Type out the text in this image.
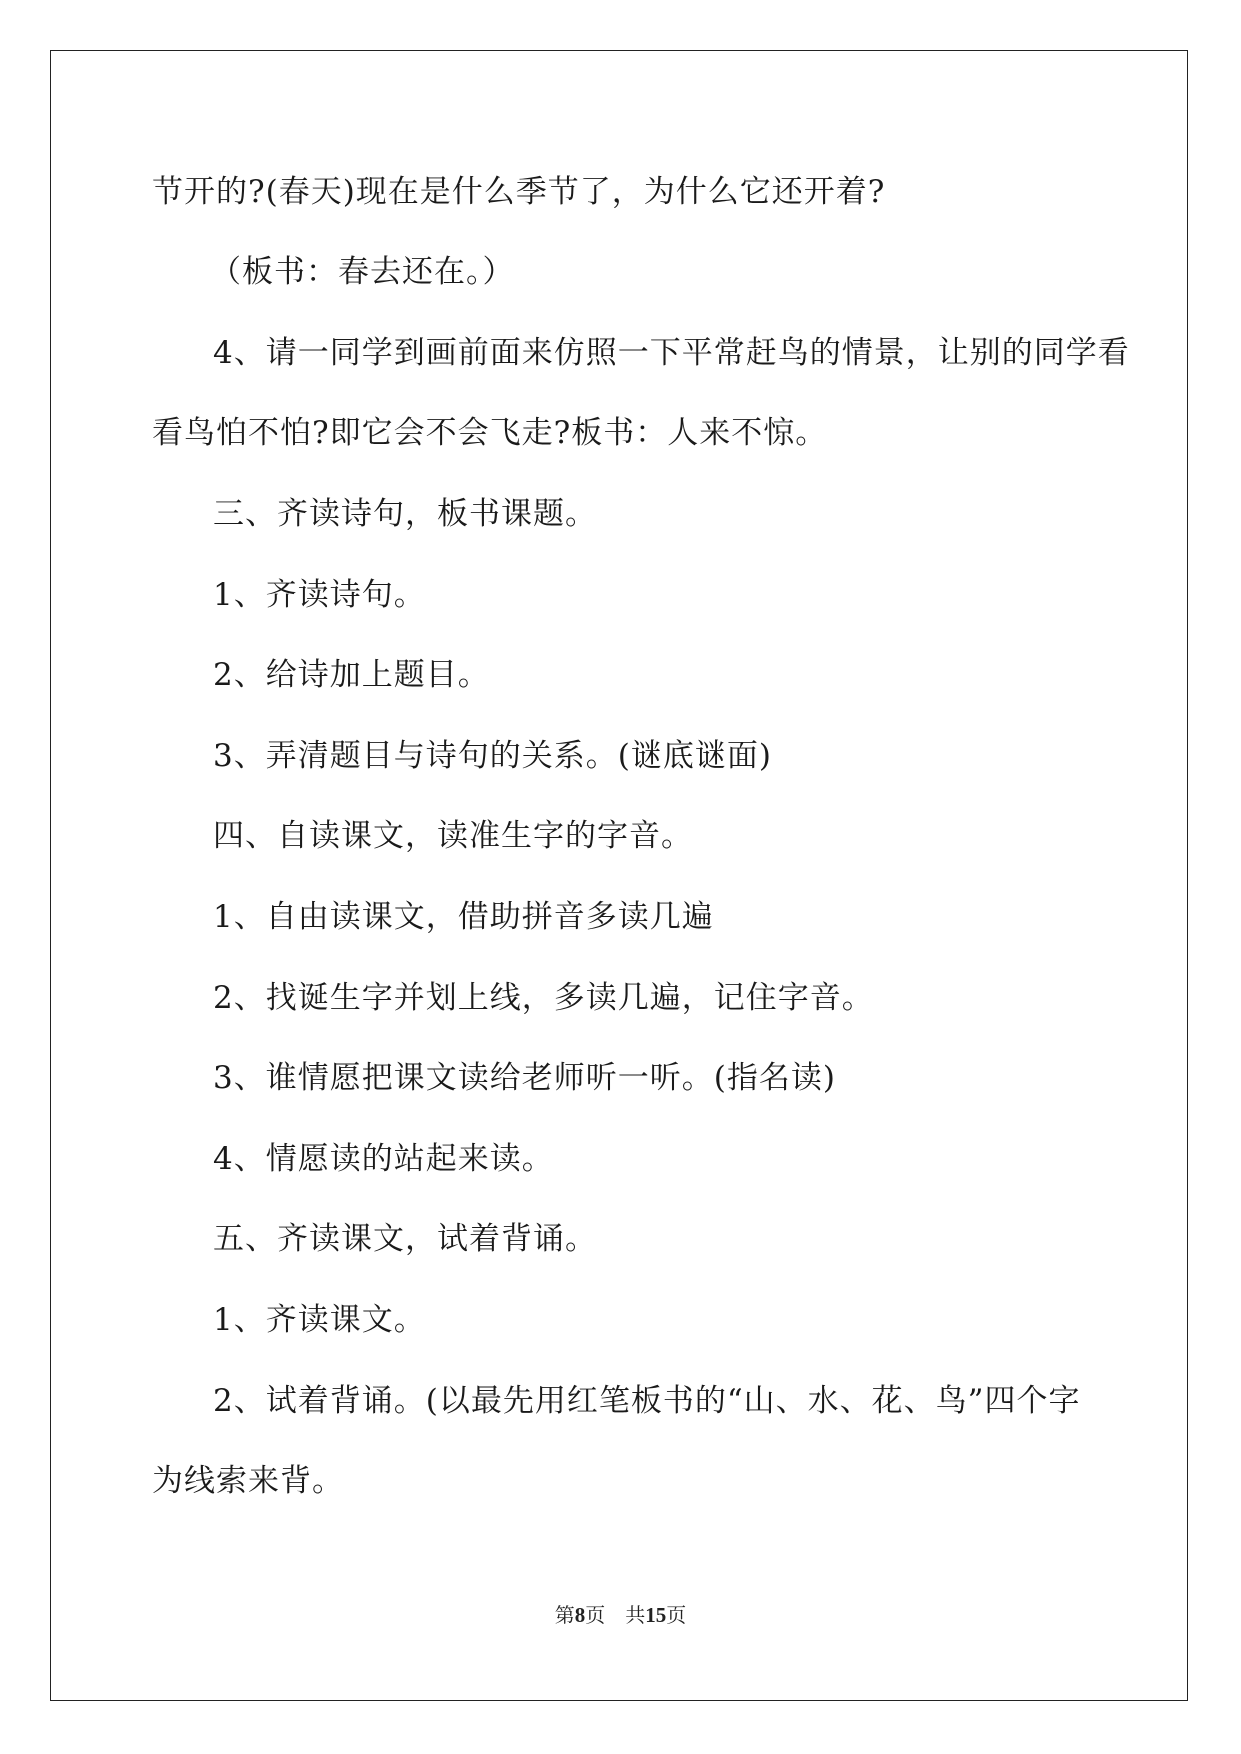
节开的?(春天)现在是什么季节了，为什么它还开着?
（板书：春去还在。）
4、请一同学到画前面来仿照一下平常赶鸟的情景，让别的同学看
看鸟怕不怕?即它会不会飞走?板书：人来不惊。
三、齐读诗句，板书课题。
1、齐读诗句。
2、给诗加上题目。
3、弄清题目与诗句的关系。(谜底谜面)
四、自读课文，读准生字的字音。
1、自由读课文，借助拼音多读几遍
2、找诞生字并划上线，多读几遍，记住字音。
3、谁情愿把课文读给老师听一听。(指名读)
4、情愿读的站起来读。
五、齐读课文，试着背诵。
1、齐读课文。
2、试着背诵。(以最先用红笔板书的“山、水、花、鸟”四个字
为线索来背。
第8页　共15页
